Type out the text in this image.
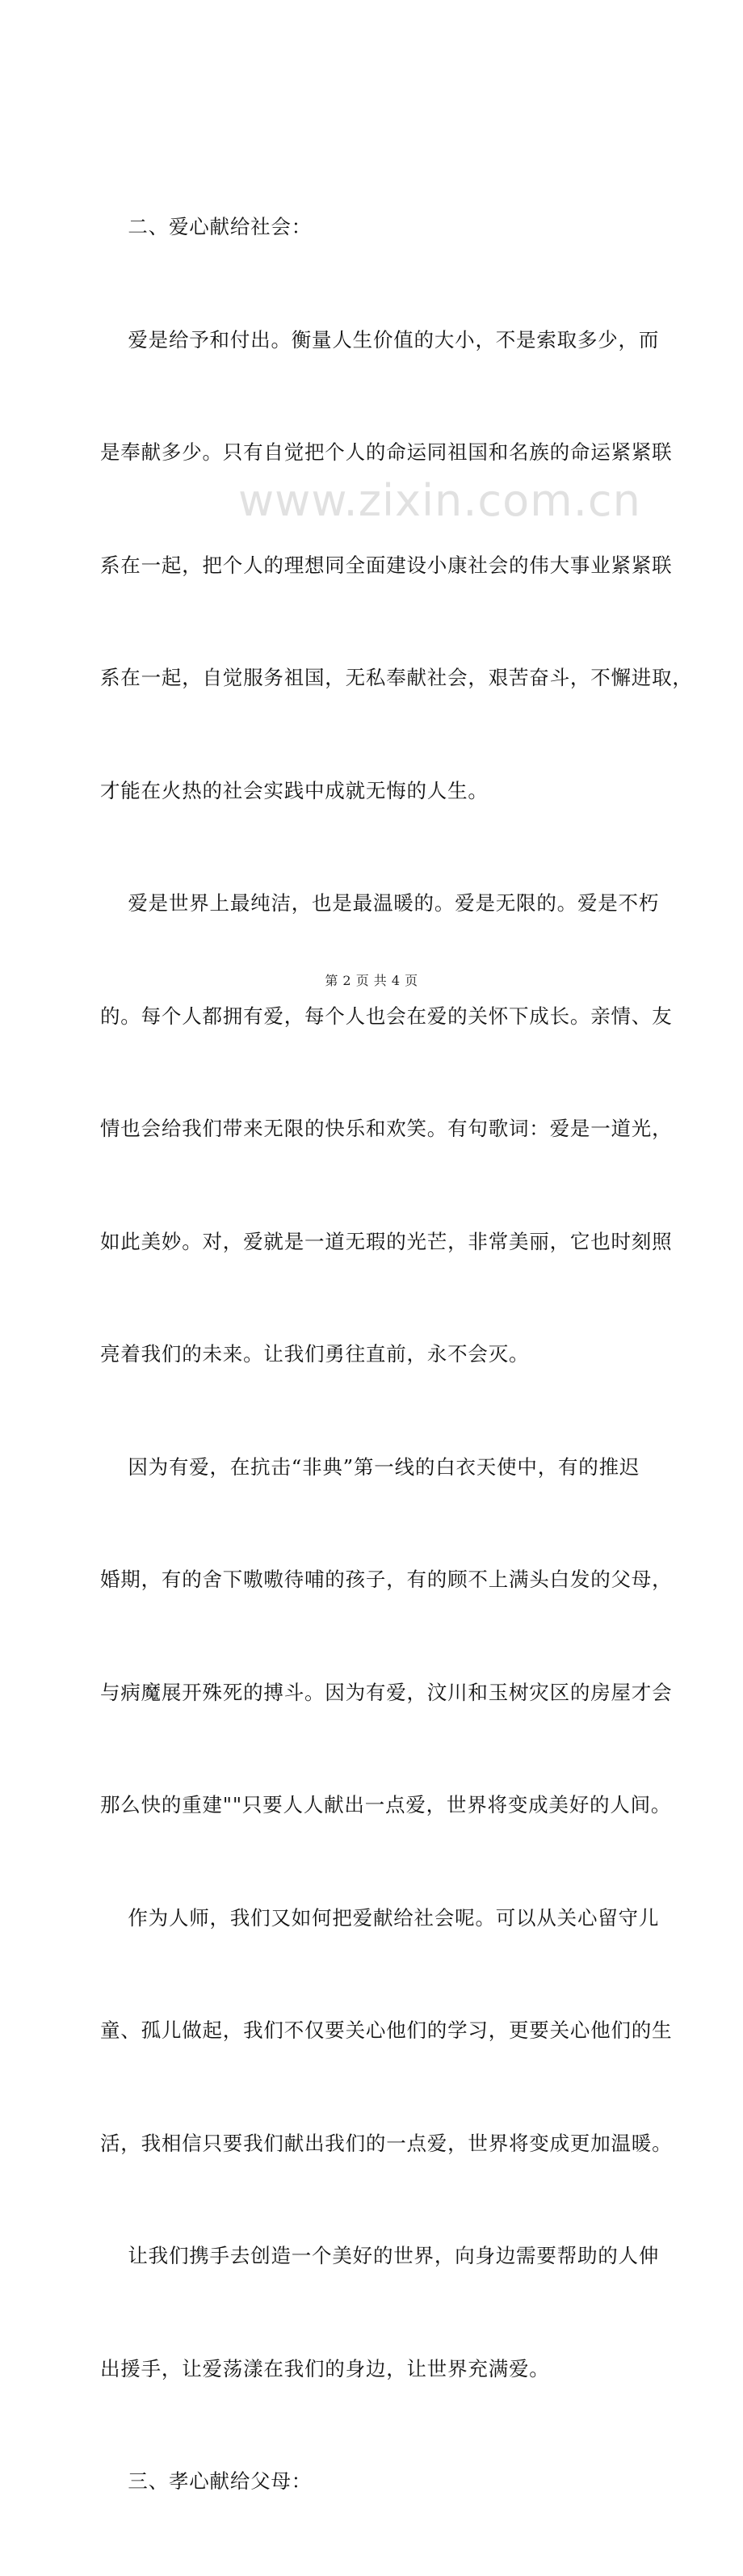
二、爱心献给社会：

爱是给予和付出。衡量人生价值的大小，不是索取多少，而

是奉献多少。只有自觉把个人的命运同祖国和名族的命运紧紧联

系在一起，把个人的理想同全面建设小康社会的伟大事业紧紧联

系在一起，自觉服务祖国，无私奉献社会，艰苦奋斗，不懈进取，

才能在火热的社会实践中成就无悔的人生。

爱是世界上最纯洁，也是最温暖的。爱是无限的。爱是不朽

的。每个人都拥有爱，每个人也会在爱的关怀下成长。亲情、友

情也会给我们带来无限的快乐和欢笑。有句歌词：爱是一道光，

如此美妙。对，爱就是一道无瑕的光芒，非常美丽，它也时刻照

亮着我们的未来。让我们勇往直前，永不会灭。

因为有爱，在抗击“非典”第一线的白衣天使中，有的推迟

婚期，有的舍下嗷嗷待哺的孩子，有的顾不上满头白发的父母，

与病魔展开殊死的搏斗。因为有爱，汶川和玉树灾区的房屋才会

那么快的重建""只要人人献出一点爱，世界将变成美好的人间。

作为人师，我们又如何把爱献给社会呢。可以从关心留守儿

童、孤儿做起，我们不仅要关心他们的学习，更要关心他们的生

活，我相信只要我们献出我们的一点爱，世界将变成更加温暖。

让我们携手去创造一个美好的世界，向身边需要帮助的人伸

出援手，让爱荡漾在我们的身边，让世界充满爱。

三、孝心献给父母：

www.zixin.com.cn
第 2 页 共 4 页
